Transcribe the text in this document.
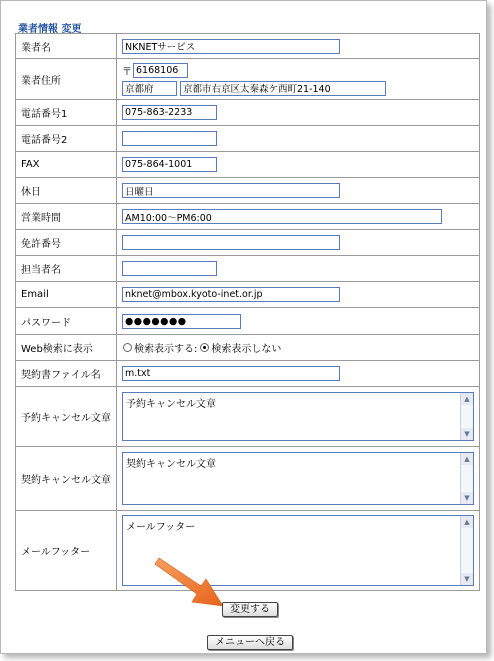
業者情報 変更
業者名	NKNETサービス
業者住所	〒
6168106
京都府
京都市右京区太秦森ケ西町21-140

電話番号1	075-863-2233
電話番号2	
FAX	075-864-1001
休日	日曜日
営業時間	AM10:00～PM6:00
免許番号	
担当者名	
Email	nknet@mbox.kyoto-inet.or.jp
パスワード	●●●●●●●
Web検索に表示	検索表示する: 検索表示しない

契約書ファイル名	m.txt
予約キャンセル文章	予約キャンセル文章 ▲
▼

契約キャンセル文章	契約キャンセル文章 ▲
▼

メールフッター	メールフッター ▲
▼
変更する
メニューへ戻る
